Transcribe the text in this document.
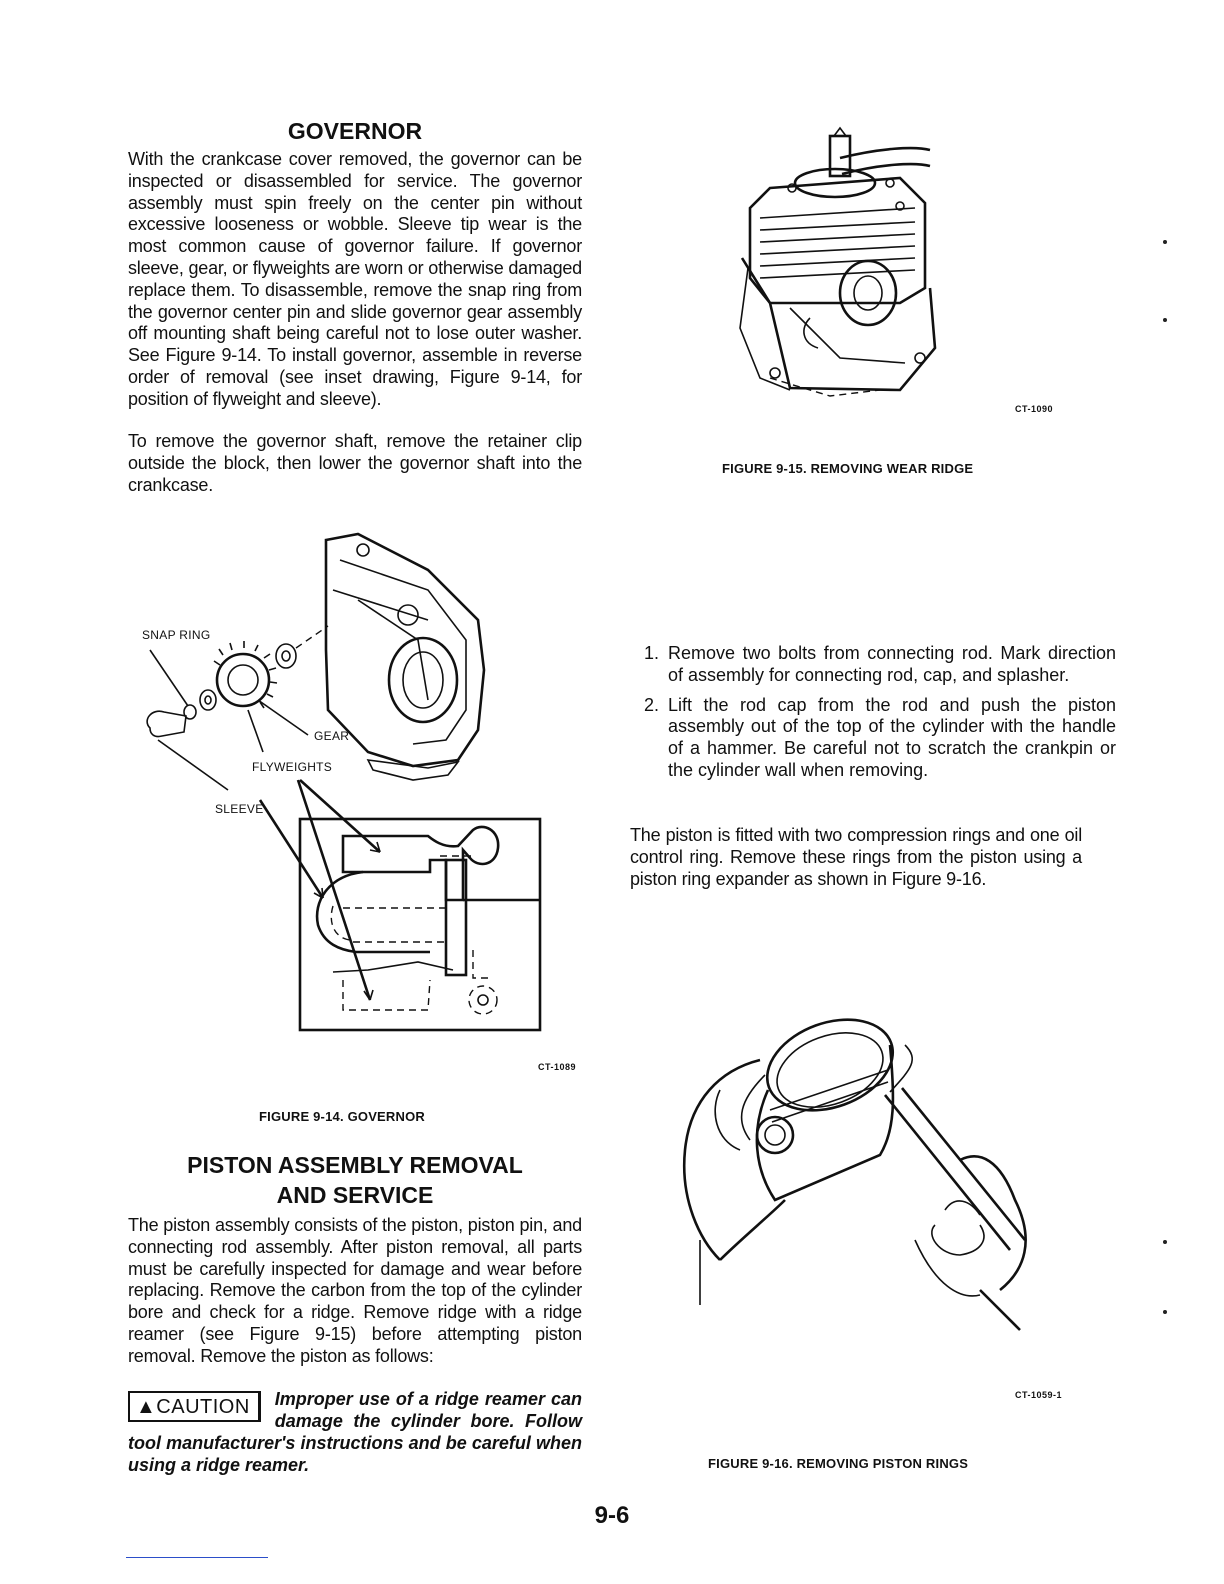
GOVERNOR

With the crankcase cover removed, the governor can be inspected or disassembled for service. The governor assembly must spin freely on the center pin without excessive looseness or wobble. Sleeve tip wear is the most common cause of governor failure. If governor sleeve, gear, or flyweights are worn or otherwise damaged replace them. To disassemble, remove the snap ring from the governor center pin and slide governor gear assembly off mounting shaft being careful not to lose outer washer. See Figure 9-14. To install governor, assemble in reverse order of removal (see inset drawing, Figure 9-14, for position of flyweight and sleeve).

To remove the governor shaft, remove the retainer clip outside the block, then lower the governor shaft into the crankcase.

SNAP RING
GEAR
FLYWEIGHTS
SLEEVE
CT-1089
FIGURE 9-14. GOVERNOR
PISTON ASSEMBLY REMOVAL
AND SERVICE

The piston assembly consists of the piston, piston pin, and connecting rod assembly. After piston removal, all parts must be carefully inspected for damage and wear before replacing. Remove the carbon from the top of the cylinder bore and check for a ridge. Remove ridge with a ridge reamer (see Figure 9-15) before attempting piston removal. Remove the piston as follows:

▲CAUTION	Improper use of a ridge reamer can damage the cylinder bore. Follow tool manufacturer's instructions and be careful when using a ridge reamer.

CT-1090
FIGURE 9-15. REMOVING WEAR RIDGE
1. Remove two bolts from connecting rod. Mark direction of assembly for connecting rod, cap, and splasher.
2. Lift the rod cap from the rod and push the piston assembly out of the top of the cylinder with the handle of a hammer. Be careful not to scratch the crankpin or the cylinder wall when removing.

The piston is fitted with two compression rings and one oil control ring. Remove these rings from the piston using a piston ring expander as shown in Figure 9-16.

CT-1059-1
FIGURE 9-16. REMOVING PISTON RINGS
9-6
